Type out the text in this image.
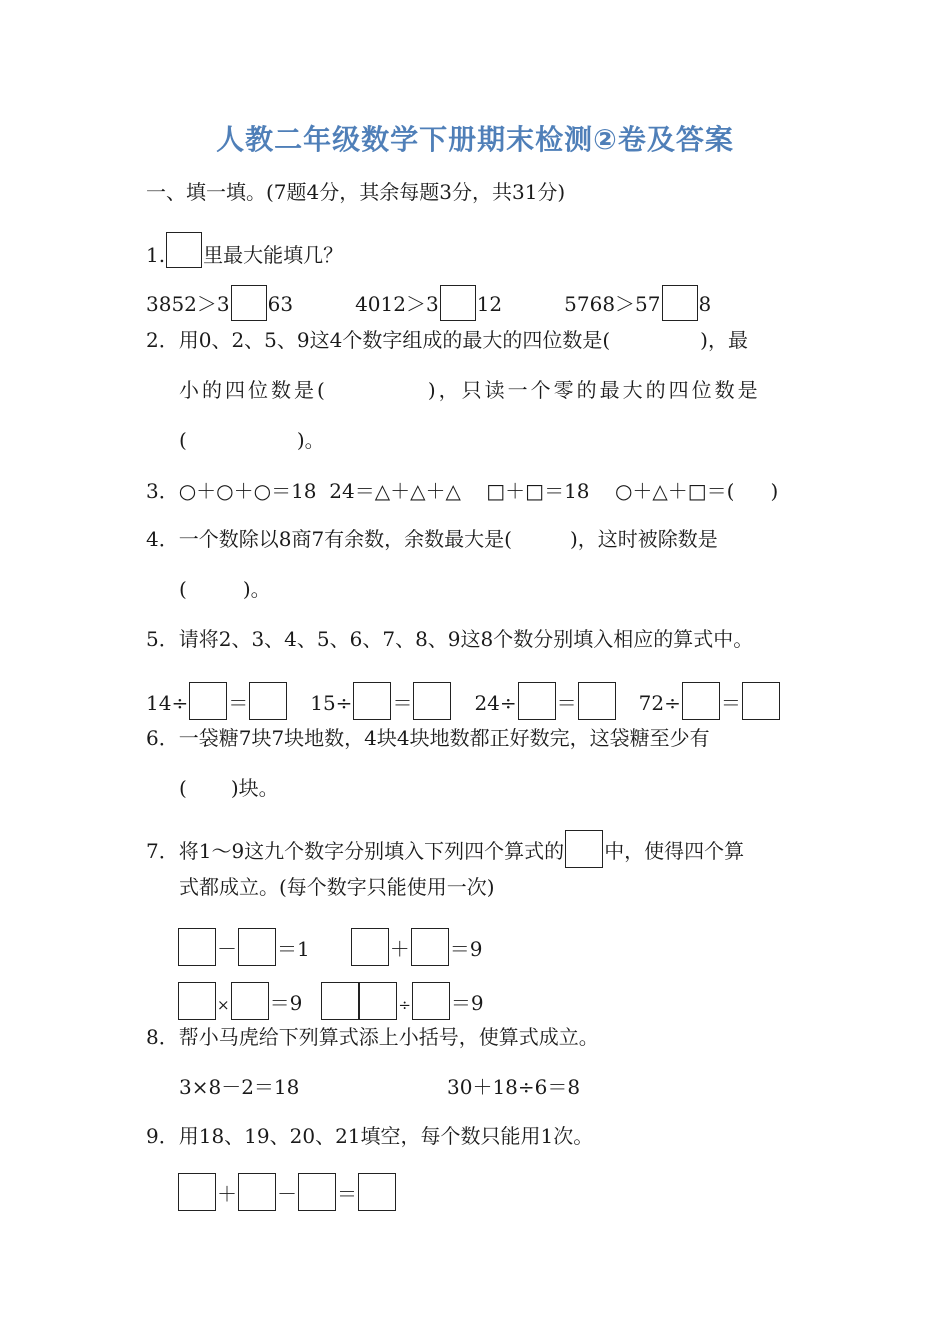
人教二年级数学下册期末检测②卷及答案
一、填一填。(7题4分，其余每题3分，共31分)
1. 里最大能填几？
3852＞3 63	4012＞3 12	5768＞57 8
2．用0、2、5、9这4个数字组成的最大的四位数是(	)，最
小的四位数是(	)，只读一个零的最大的四位数是
(	)。
3．○＋○＋○＝18  24＝△＋△＋△    □＋□＝18    ○＋△＋□＝( )
4．一个数除以8商7有余数，余数最大是(	)，这时被除数是
(	)。
5．请将2、3、4、5、6、7、8、9这8个数分别填入相应的算式中。
14÷ ＝	15÷ ＝	24÷ ＝	72÷ ＝
6．一袋糖7块7块地数，4块4块地数都正好数完，这袋糖至少有
( )块。
7．将1～9这九个数字分别填入下列四个算式的 中，使得四个算
式都成立。(每个数字只能使用一次)
－ ＝1	＋ ＝9
× ＝9	÷ ＝9
8．帮小马虎给下列算式添上小括号，使算式成立。
3×8－2＝18	30＋18÷6＝8
9．用18、19、20、21填空，每个数只能用1次。
＋ － ＝
